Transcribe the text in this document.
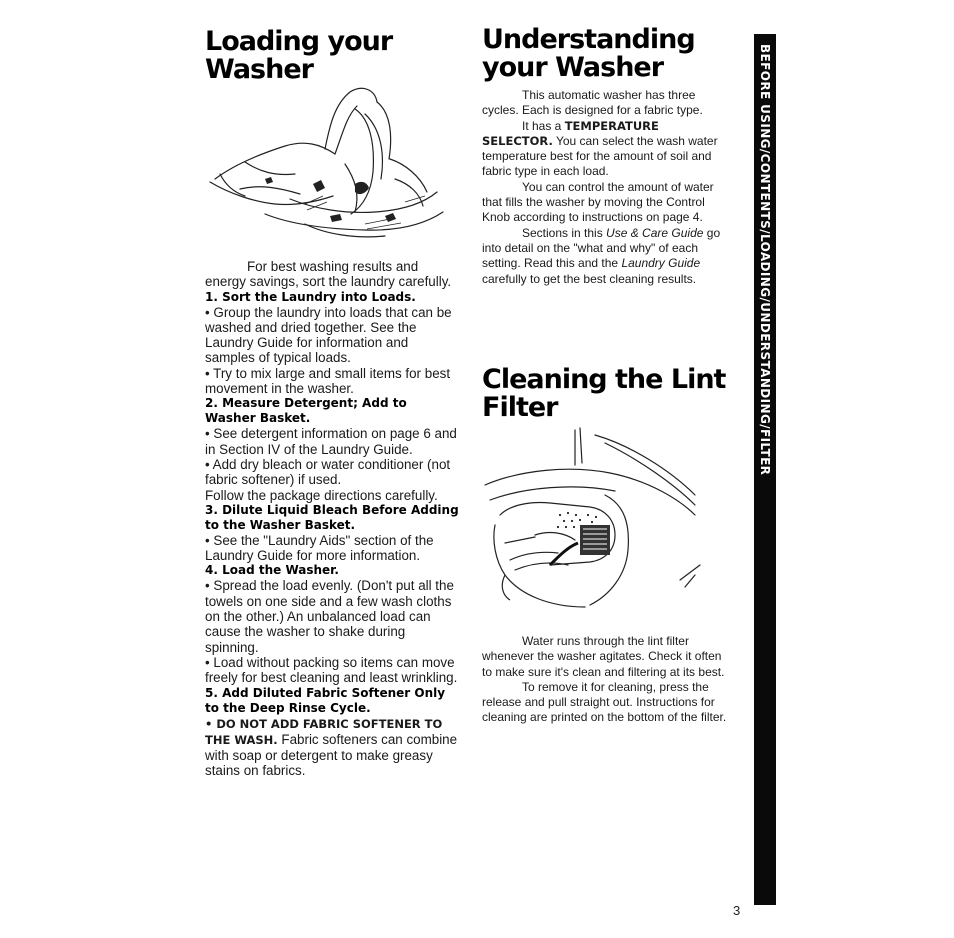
Loading your
Washer

For best washing results and energy savings, sort the laundry carefully.

1. Sort the Laundry into Loads.

• Group the laundry into loads that can be washed and dried together. See the Laundry Guide for information and samples of typical loads.

• Try to mix large and small items for best movement in the washer.

2. Measure Detergent; Add to Washer Basket.

• See detergent information on page 6 and in Section IV of the Laundry Guide.

• Add dry bleach or water conditioner (not fabric softener) if used.

Follow the package directions carefully.

3. Dilute Liquid Bleach Before Adding to the Washer Basket.

• See the "Laundry Aids" section of the Laundry Guide for more information.

4. Load the Washer.

• Spread the load evenly. (Don't put all the towels on one side and a few wash cloths on the other.) An unbalanced load can cause the washer to shake during spinning.

• Load without packing so items can move freely for best cleaning and least wrinkling.

5. Add Diluted Fabric Softener Only to the Deep Rinse Cycle.

• DO NOT ADD FABRIC SOFTENER TO THE WASH. Fabric softeners can combine with soap or detergent to make greasy stains on fabrics.

Understanding
your Washer

This automatic washer has three cycles. Each is designed for a fabric type.

It has a TEMPERATURE SELECTOR. You can select the wash water temperature best for the amount of soil and fabric type in each load.

You can control the amount of water that fills the washer by moving the Control Knob according to instructions on page 4.

Sections in this Use & Care Guide go into detail on the "what and why" of each setting. Read this and the Laundry Guide carefully to get the best cleaning results.

Cleaning the Lint
Filter

Water runs through the lint filter whenever the washer agitates. Check it often to make sure it's clean and filtering at its best.

To remove it for cleaning, press the release and pull straight out. Instructions for cleaning are printed on the bottom of the filter.

BEFORE USING/CONTENTS/LOADING/UNDERSTANDING/FILTER
3
